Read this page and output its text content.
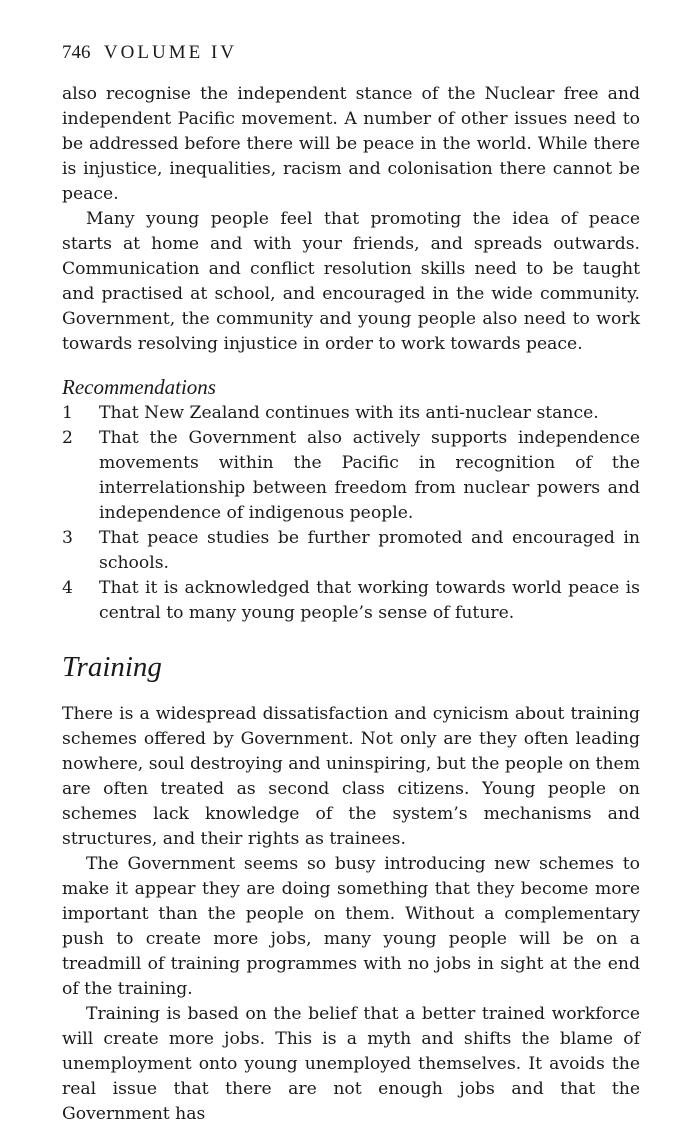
746 VOLUME IV

also recognise the independent stance of the Nuclear free and independent Pacific movement. A number of other issues need to be addressed before there will be peace in the world. While there is injustice, inequalities, racism and colonisation there cannot be peace.

Many young people feel that promoting the idea of peace starts at home and with your friends, and spreads outwards. Communication and conflict resolution skills need to be taught and practised at school, and encouraged in the wide community. Government, the community and young people also need to work towards resolving injustice in order to work towards peace.

Recommendations
1 That New Zealand continues with its anti-nuclear stance.
2 That the Government also actively supports independence movements within the Pacific in recognition of the interrelationship between freedom from nuclear powers and independence of indigenous people.
3 That peace studies be further promoted and encouraged in schools.
4 That it is acknowledged that working towards world peace is central to many young people’s sense of future.
Training

There is a widespread dissatisfaction and cynicism about training schemes offered by Government. Not only are they often leading nowhere, soul destroying and uninspiring, but the people on them are often treated as second class citizens. Young people on schemes lack knowledge of the system’s mechanisms and structures, and their rights as trainees.

The Government seems so busy introducing new schemes to make it appear they are doing something that they become more important than the people on them. Without a complementary push to create more jobs, many young people will be on a treadmill of training programmes with no jobs in sight at the end of the training.

Training is based on the belief that a better trained workforce will create more jobs. This is a myth and shifts the blame of unemployment onto young unemployed themselves. It avoids the real issue that there are not enough jobs and that the Government has
